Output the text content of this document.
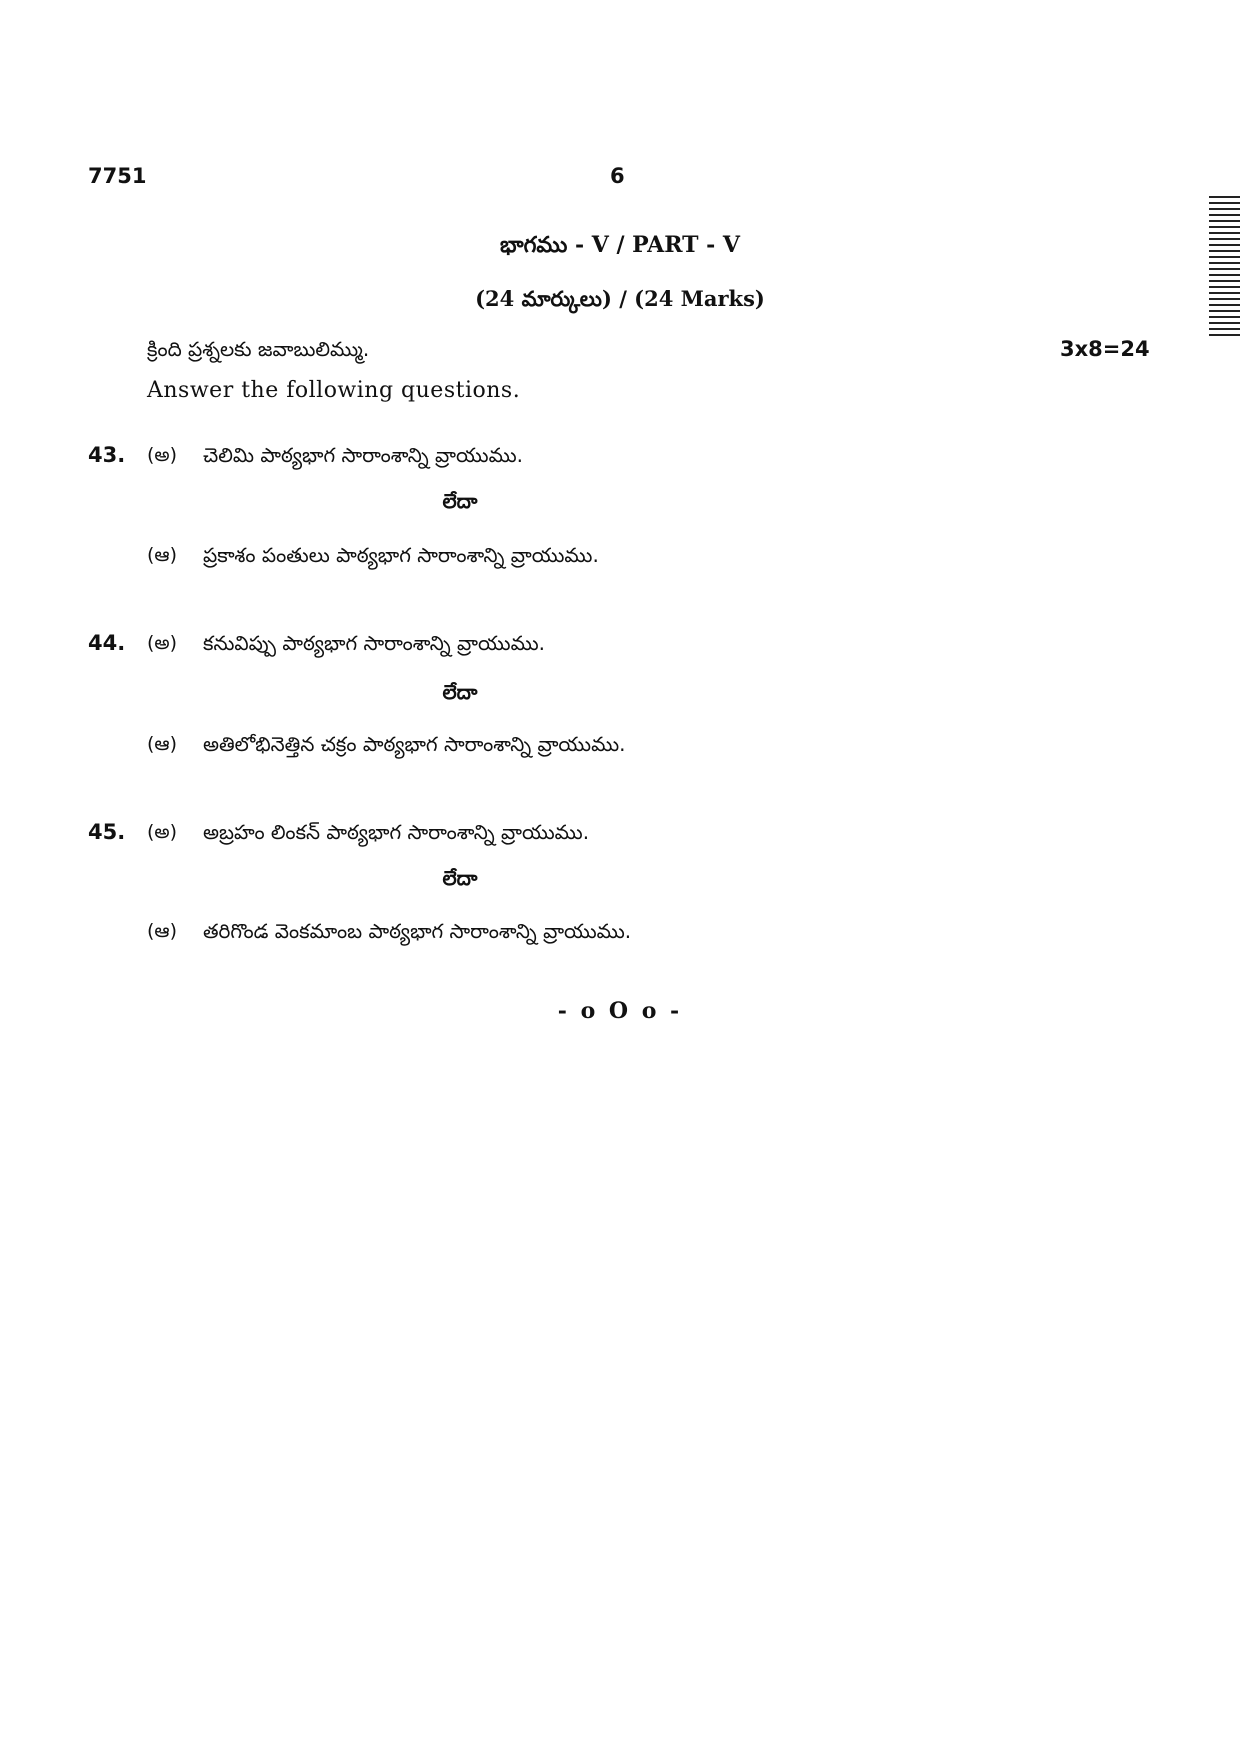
7751	6
భాగము - V / PART - V
(24 మార్కులు) / (24 Marks)
క్రింది ప్రశ్నలకు జవాబులిమ్ము.	3x8=24
Answer the following questions.
43. (అ) చెలిమి పాఠ్యభాగ సారాంశాన్ని వ్రాయుము.
లేదా
(ఆ) ప్రకాశం పంతులు పాఠ్యభాగ సారాంశాన్ని వ్రాయుము.
44. (అ) కనువిప్పు పాఠ్యభాగ సారాంశాన్ని వ్రాయుము.
లేదా
(ఆ) అతిలోభినెత్తిన చక్రం పాఠ్యభాగ సారాంశాన్ని వ్రాయుము.
45. (అ) అబ్రహం లింకన్ పాఠ్యభాగ సారాంశాన్ని వ్రాయుము.
లేదా
(ఆ) తరిగొండ వెంకమాంబ పాఠ్యభాగ సారాంశాన్ని వ్రాయుము.
- o O o -
